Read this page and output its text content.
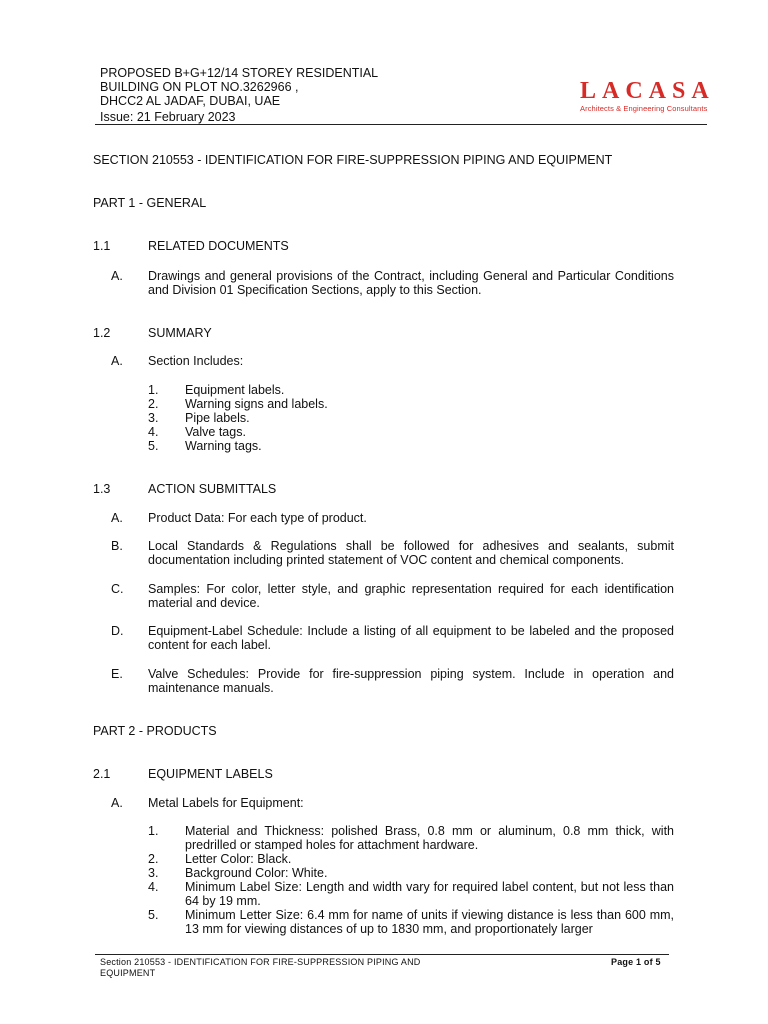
PROPOSED B+G+12/14 STOREY RESIDENTIAL
BUILDING ON PLOT NO.3262966 ,
DHCC2 AL JADAF, DUBAI, UAE	LACASA
Architects & Engineering Consultants
Issue: 21 February 2023
SECTION 210553 - IDENTIFICATION FOR FIRE-SUPPRESSION PIPING AND EQUIPMENT
PART 1 - GENERAL
1.1	RELATED DOCUMENTS
A. Drawings and general provisions of the Contract, including General and Particular Conditions and Division 01 Specification Sections, apply to this Section.
1.2	SUMMARY
A. Section Includes:
1. Equipment labels.
2. Warning signs and labels.
3. Pipe labels.
4. Valve tags.
5. Warning tags.
1.3	ACTION SUBMITTALS
A. Product Data: For each type of product.
B. Local Standards & Regulations shall be followed for adhesives and sealants, submit documentation including printed statement of VOC content and chemical components.
C. Samples: For color, letter style, and graphic representation required for each identification material and device.
D. Equipment-Label Schedule: Include a listing of all equipment to be labeled and the proposed content for each label.
E. Valve Schedules: Provide for fire-suppression piping system. Include in operation and maintenance manuals.
PART 2 - PRODUCTS
2.1	EQUIPMENT LABELS
A. Metal Labels for Equipment:
1. Material and Thickness: polished Brass, 0.8 mm or aluminum, 0.8 mm thick, with predrilled or stamped holes for attachment hardware.
2. Letter Color: Black.
3. Background Color: White.
4. Minimum Label Size: Length and width vary for required label content, but not less than 64 by 19 mm.
5. Minimum Letter Size: 6.4 mm for name of units if viewing distance is less than 600 mm, 13 mm for viewing distances of up to 1830 mm, and proportionately larger
Section 210553 - IDENTIFICATION FOR FIRE-SUPPRESSION PIPING AND
EQUIPMENT
Page 1 of 5
